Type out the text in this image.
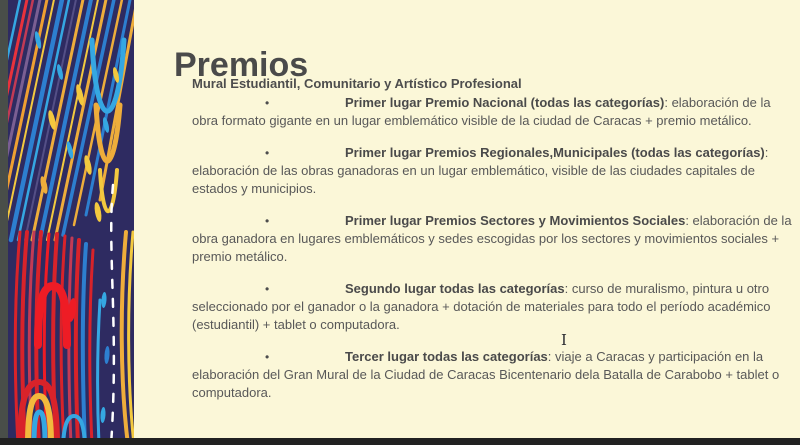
Premios
Mural Estudiantil, Comunitario y Artístico Profesional

•	Primer lugar Premio Nacional (todas las categorías): elaboración de la obra formato gigante en un lugar emblemático visible de la ciudad de Caracas + premio metálico.

•	Primer lugar Premios Regionales,Municipales (todas las categorías): elaboración de las obras ganadoras en un lugar emblemático, visible de las ciudades capitales de estados y municipios.

•	Primer lugar Premios Sectores y Movimientos Sociales: elaboración de la obra ganadora en lugares emblemáticos y sedes escogidas por los sectores y movimientos sociales + premio metálico.

•	Segundo lugar todas las categorías: curso de muralismo, pintura u otro seleccionado por el ganador o la ganadora + dotación de materiales para todo el período académico (estudiantil) + tablet o computadora.

•	Tercer lugar todas las categorías: viaje a Caracas y participación en la elaboración del Gran Mural de la Ciudad de Caracas Bicentenario dela Batalla de Carabobo + tablet o computadora.

I
